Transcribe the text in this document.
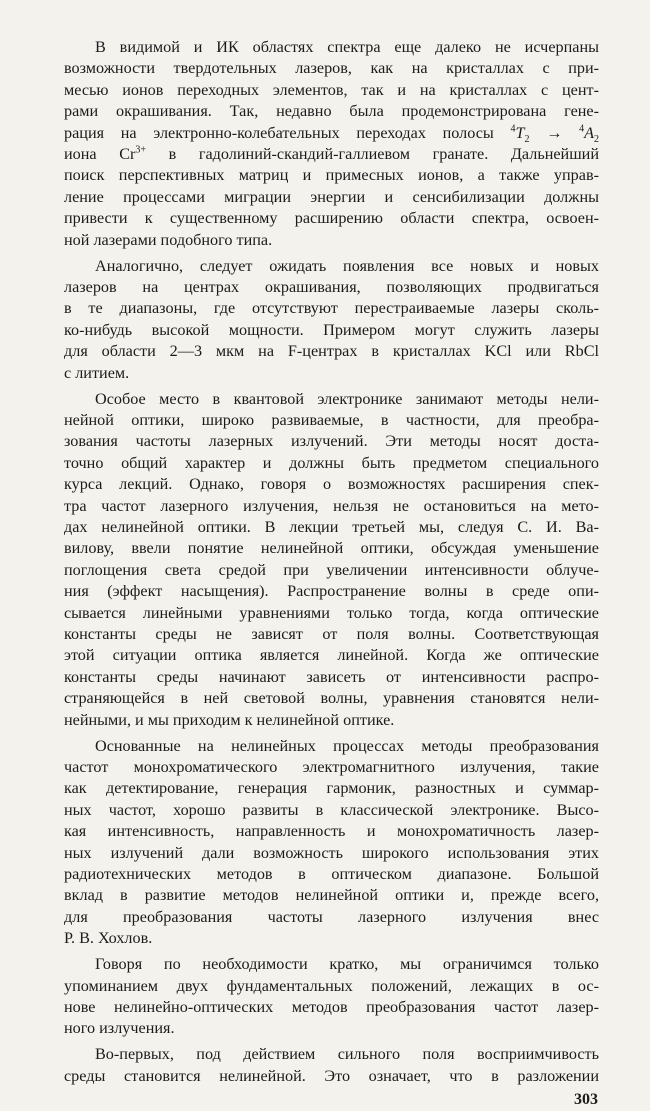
В видимой и ИК областях спектра еще далеко не исчерпаны
возможности твердотельных лазеров, как на кристаллах с при-
месью ионов переходных элементов, так и на кристаллах с цент-
рами окрашивания. Так, недавно была продемонстрирована гене-
рация на электронно-колебательных переходах полосы $^4T_2 \to ^4A_2$
иона $Cr^{3+}$ в гадолиний-скандий-галлиевом гранате. Дальнейший
поиск перспективных матриц и примесных ионов, а также управ-
ление процессами миграции энергии и сенсибилизации должны
привести к существенному расширению области спектра, освоен-
ной лазерами подобного типа.
Аналогично, следует ожидать появления все новых и новых
лазеров на центрах окрашивания, позволяющих продвигаться
в те диапазоны, где отсутствуют перестраиваемые лазеры сколь-
ко-нибудь высокой мощности. Примером могут служить лазеры
для области 2—3 мкм на F-центрах в кристаллах KCl или RbCl
с литием.
Особое место в квантовой электронике занимают методы нели-
нейной оптики, широко развиваемые, в частности, для преобра-
зования частоты лазерных излучений. Эти методы носят доста-
точно общий характер и должны быть предметом специального
курса лекций. Однако, говоря о возможностях расширения спек-
тра частот лазерного излучения, нельзя не остановиться на мето-
дах нелинейной оптики. В лекции третьей мы, следуя С. И. Ва-
вилову, ввели понятие нелинейной оптики, обсуждая уменьшение
поглощения света средой при увеличении интенсивности облуче-
ния (эффект насыщения). Распространение волны в среде опи-
сывается линейными уравнениями только тогда, когда оптические
константы среды не зависят от поля волны. Соответствующая
этой ситуации оптика является линейной. Когда же оптические
константы среды начинают зависеть от интенсивности распро-
страняющейся в ней световой волны, уравнения становятся нели-
нейными, и мы приходим к нелинейной оптике.
Основанные на нелинейных процессах методы преобразования
частот монохроматического электромагнитного излучения, такие
как детектирование, генерация гармоник, разностных и суммар-
ных частот, хорошо развиты в классической электронике. Высо-
кая интенсивность, направленность и монохроматичность лазер-
ных излучений дали возможность широкого использования этих
радиотехнических методов в оптическом диапазоне. Большой
вклад в развитие методов нелинейной оптики и, прежде всего,
для преобразования частоты лазерного излучения внес
Р. В. Хохлов.
Говоря по необходимости кратко, мы ограничимся только
упоминанием двух фундаментальных положений, лежащих в ос-
нове нелинейно-оптических методов преобразования частот лазер-
ного излучения.
Во-первых, под действием сильного поля восприимчивость
среды становится нелинейной. Это означает, что в разложении
303
